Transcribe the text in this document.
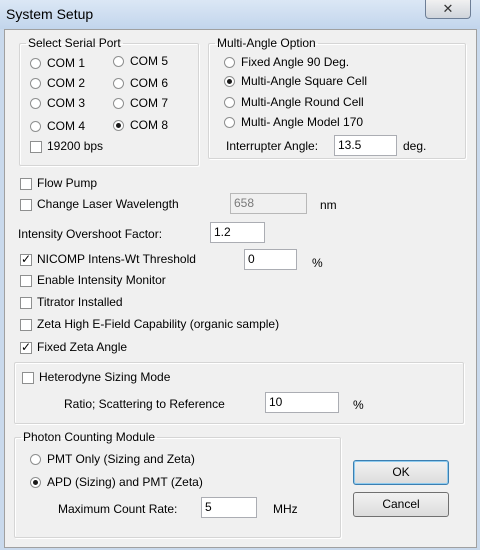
System Setup	✕
Select Serial Port
COM 1	COM 5
COM 2	COM 6
COM 3	COM 7
COM 4	COM 8
19200 bps
Multi-Angle Option
Fixed Angle 90 Deg.
Multi-Angle Square Cell
Multi-Angle Round Cell
Multi- Angle Model 170
Interrupter Angle:	13.5	deg.
Flow Pump
Change Laser Wavelength	658	nm
Intensity Overshoot Factor:	1.2
✓
NICOMP Intens-Wt Threshold	0	%
Enable Intensity Monitor
Titrator Installed
Zeta High E-Field Capability (organic sample)
✓
Fixed Zeta Angle
Heterodyne Sizing Mode
Ratio; Scattering to Reference	10	%
Photon Counting Module
PMT Only (Sizing and Zeta)
APD (Sizing) and PMT (Zeta)
Maximum Count Rate:	5	MHz
OK
Cancel
